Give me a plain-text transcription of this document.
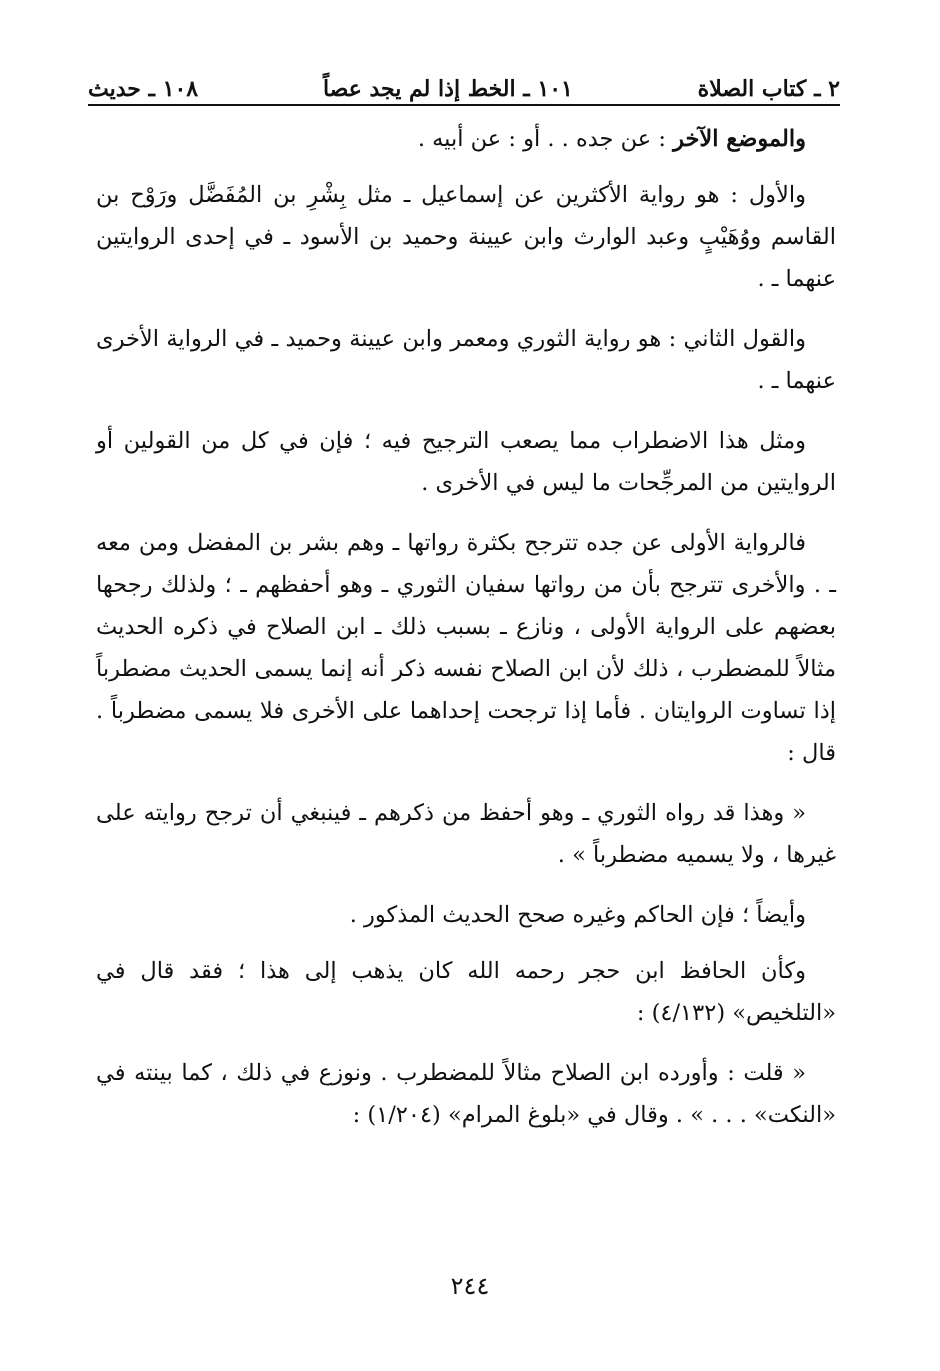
٢ ـ كتاب الصلاة
١٠١ ـ الخط إذا لم يجد عصاً
١٠٨ ـ حديث

والموضع الآخر : عن جده . . أو : عن أبيه .

والأول : هو رواية الأكثرين عن إسماعيل ـ مثل بِشْرِ بن المُفَضَّل ورَوْح بن القاسم ووُهَيْبٍ وعبد الوارث وابن عيينة وحميد بن الأسود ـ في إحدى الروايتين عنهما ـ .

والقول الثاني : هو رواية الثوري ومعمر وابن عيينة وحميد ـ في الرواية الأخرى عنهما ـ .

ومثل هذا الاضطراب مما يصعب الترجيح فيه ؛ فإن في كل من القولين أو الروايتين من المرجِّحات ما ليس في الأخرى .

فالرواية الأولى عن جده تترجح بكثرة رواتها ـ وهم بشر بن المفضل ومن معه ـ . والأخرى تترجح بأن من رواتها سفيان الثوري ـ وهو أحفظهم ـ ؛ ولذلك رجحها بعضهم على الرواية الأولى ، ونازع ـ بسبب ذلك ـ ابن الصلاح في ذكره الحديث مثالاً للمضطرب ، ذلك لأن ابن الصلاح نفسه ذكر أنه إنما يسمى الحديث مضطرباً إذا تساوت الروايتان . فأما إذا ترجحت إحداهما على الأخرى فلا يسمى مضطرباً . قال :

« وهذا قد رواه الثوري ـ وهو أحفظ من ذكرهم ـ فينبغي أن ترجح روايته على غيرها ، ولا يسميه مضطرباً » .

وأيضاً ؛ فإن الحاكم وغيره صحح الحديث المذكور .

وكأن الحافظ ابن حجر رحمه الله كان يذهب إلى هذا ؛ فقد قال في «التلخيص» (٤/١٣٢) :

« قلت : وأورده ابن الصلاح مثالاً للمضطرب . ونوزع في ذلك ، كما بينته في «النكت» . . . » . وقال في «بلوغ المرام» (١/٢٠٤) :

٢٤٤
